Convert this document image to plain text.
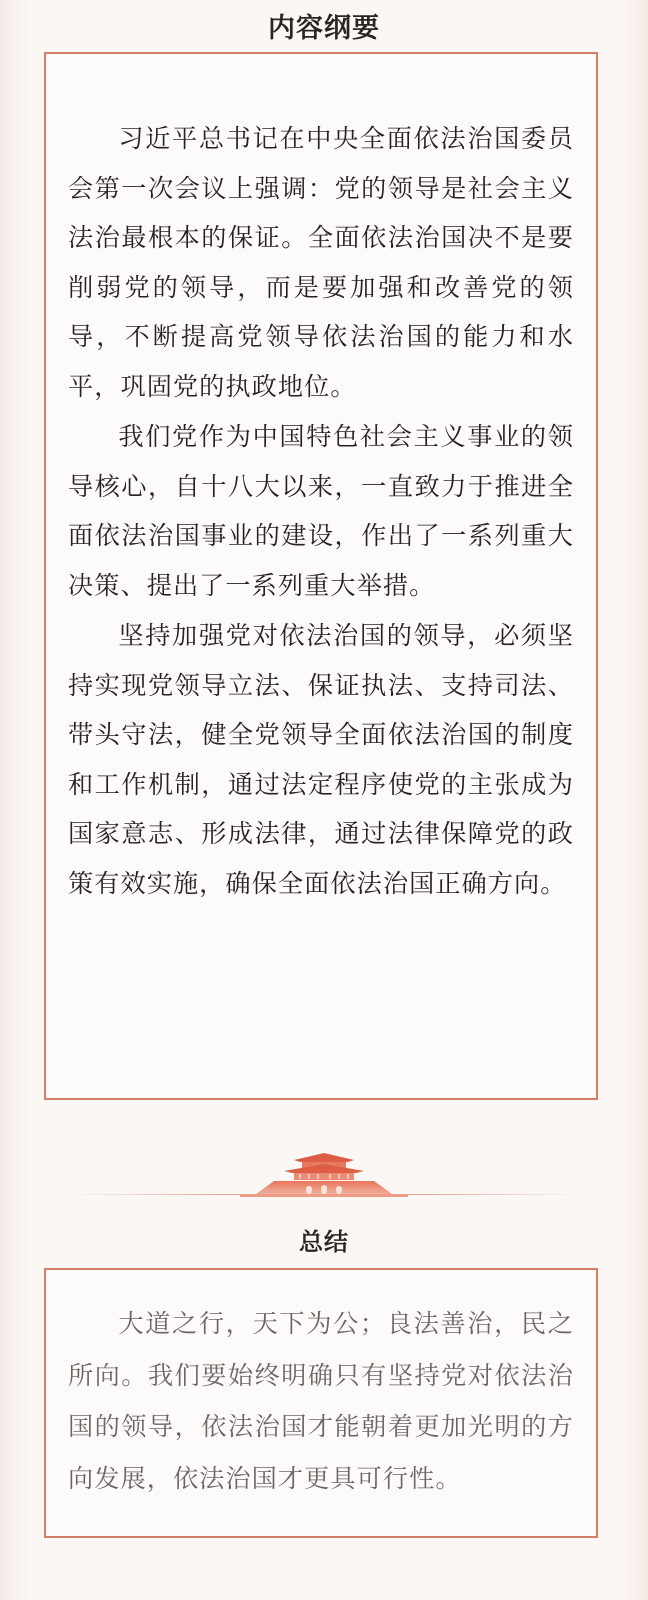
内容纲要

习近平总书记在中央全面依法治国委员会第一次会议上强调：党的领导是社会主义法治最根本的保证。全面依法治国决不是要削弱党的领导，而是要加强和改善党的领导，不断提高党领导依法治国的能力和水平，巩固党的执政地位。

我们党作为中国特色社会主义事业的领导核心，自十八大以来，一直致力于推进全面依法治国事业的建设，作出了一系列重大决策、提出了一系列重大举措。

坚持加强党对依法治国的领导，必须坚持实现党领导立法、保证执法、支持司法、带头守法，健全党领导全面依法治国的制度和工作机制，通过法定程序使党的主张成为国家意志、形成法律，通过法律保障党的政策有效实施，确保全面依法治国正确方向。

总结

大道之行，天下为公；良法善治，民之所向。我们要始终明确只有坚持党对依法治国的领导，依法治国才能朝着更加光明的方向发展，依法治国才更具可行性。
